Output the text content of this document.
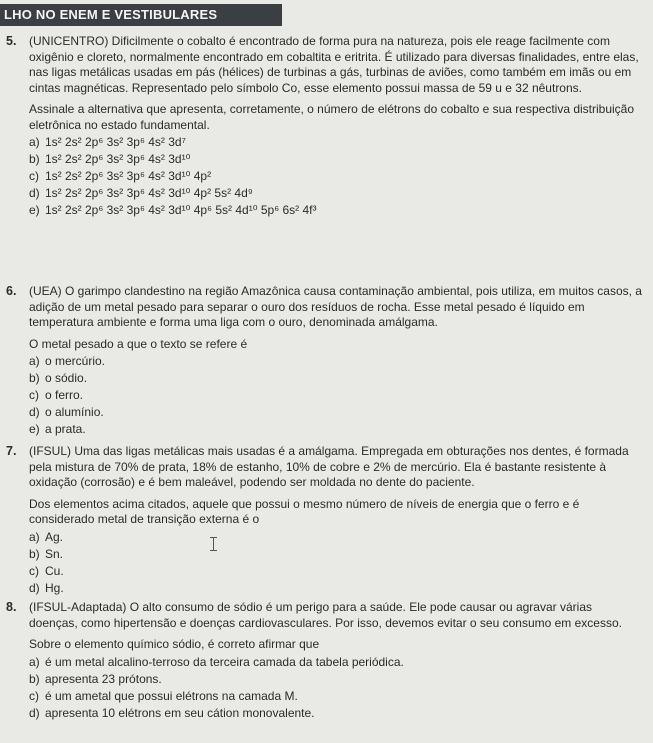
LHO NO ENEM E VESTIBULARES
5. (UNICENTRO) Dificilmente o cobalto é encontrado de forma pura na natureza, pois ele reage facilmente com oxigênio e cloreto, normalmente encontrado em cobaltita e eritrita. É utilizado para diversas finalidades, entre elas, nas ligas metálicas usadas em pás (hélices) de turbinas a gás, turbinas de aviões, como também em imãs ou em cintas magnéticas. Representado pelo símbolo Co, esse elemento possui massa de 59 u e 32 nêutrons.
Assinale a alternativa que apresenta, corretamente, o número de elétrons do cobalto e sua respectiva distribuição eletrônica no estado fundamental.
a) 1s² 2s² 2p⁶ 3s² 3p⁶ 4s² 3d⁷
b) 1s² 2s² 2p⁶ 3s² 3p⁶ 4s² 3d¹⁰
c) 1s² 2s² 2p⁶ 3s² 3p⁶ 4s² 3d¹⁰ 4p²
d) 1s² 2s² 2p⁶ 3s² 3p⁶ 4s² 3d¹⁰ 4p² 5s² 4d⁹
e) 1s² 2s² 2p⁶ 3s² 3p⁶ 4s² 3d¹⁰ 4p⁶ 5s² 4d¹⁰ 5p⁶ 6s² 4f³
6. (UEA) O garimpo clandestino na região Amazônica causa contaminação ambiental, pois utiliza, em muitos casos, a adição de um metal pesado para separar o ouro dos resíduos de rocha. Esse metal pesado é líquido em temperatura ambiente e forma uma liga com o ouro, denominada amálgama.
O metal pesado a que o texto se refere é
a) o mercúrio.
b) o sódio.
c) o ferro.
d) o alumínio.
e) a prata.
7. (IFSUL) Uma das ligas metálicas mais usadas é a amálgama. Empregada em obturações nos dentes, é formada pela mistura de 70% de prata, 18% de estanho, 10% de cobre e 2% de mercúrio. Ela é bastante resistente à oxidação (corrosão) e é bem maleável, podendo ser moldada no dente do paciente.
Dos elementos acima citados, aquele que possui o mesmo número de níveis de energia que o ferro e é considerado metal de transição externa é o
a) Ag.
b) Sn.
c) Cu.
d) Hg.
8. (IFSUL-Adaptada) O alto consumo de sódio é um perigo para a saúde. Ele pode causar ou agravar várias doenças, como hipertensão e doenças cardiovasculares. Por isso, devemos evitar o seu consumo em excesso.
Sobre o elemento químico sódio, é correto afirmar que
a) é um metal alcalino-terroso da terceira camada da tabela periódica.
b) apresenta 23 prótons.
c) é um ametal que possui elétrons na camada M.
d) apresenta 10 elétrons em seu cátion monovalente.
